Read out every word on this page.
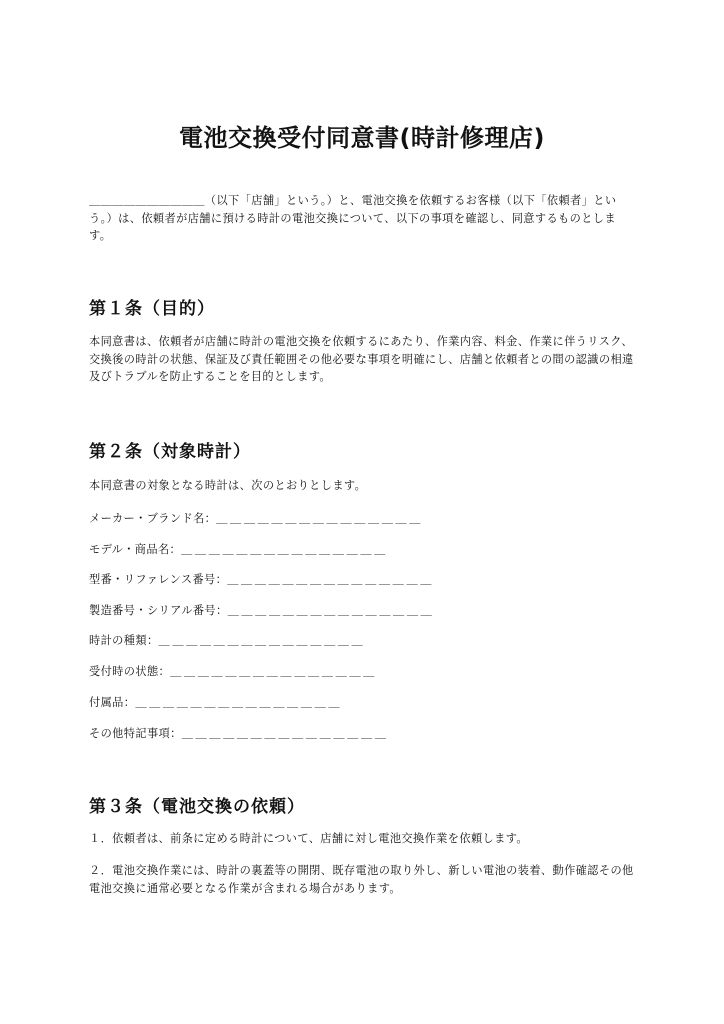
電池交換受付同意書(時計修理店)

＿＿＿＿＿＿＿＿＿＿（以下「店舗」という。）と、電池交換を依頼するお客様（以下「依頼者」という。）は、依頼者が店舗に預ける時計の電池交換について、以下の事項を確認し、同意するものとします。

第１条（目的）

本同意書は、依頼者が店舗に時計の電池交換を依頼するにあたり、作業内容、料金、作業に伴うリスク、交換後の時計の状態、保証及び責任範囲その他必要な事項を明確にし、店舗と依頼者との間の認識の相違及びトラブルを防止することを目的とします。

第２条（対象時計）

本同意書の対象となる時計は、次のとおりとします。

メーカー・ブランド名：＿＿＿＿＿＿＿＿＿＿＿＿＿＿＿
モデル・商品名：＿＿＿＿＿＿＿＿＿＿＿＿＿＿＿
型番・リファレンス番号：＿＿＿＿＿＿＿＿＿＿＿＿＿＿＿
製造番号・シリアル番号：＿＿＿＿＿＿＿＿＿＿＿＿＿＿＿
時計の種類：＿＿＿＿＿＿＿＿＿＿＿＿＿＿＿
受付時の状態：＿＿＿＿＿＿＿＿＿＿＿＿＿＿＿
付属品：＿＿＿＿＿＿＿＿＿＿＿＿＿＿＿
その他特記事項：＿＿＿＿＿＿＿＿＿＿＿＿＿＿＿
第３条（電池交換の依頼）
１．依頼者は、前条に定める時計について、店舗に対し電池交換作業を依頼します。
２．電池交換作業には、時計の裏蓋等の開閉、既存電池の取り外し、新しい電池の装着、動作確認その他電池交換に通常必要となる作業が含まれる場合があります。
